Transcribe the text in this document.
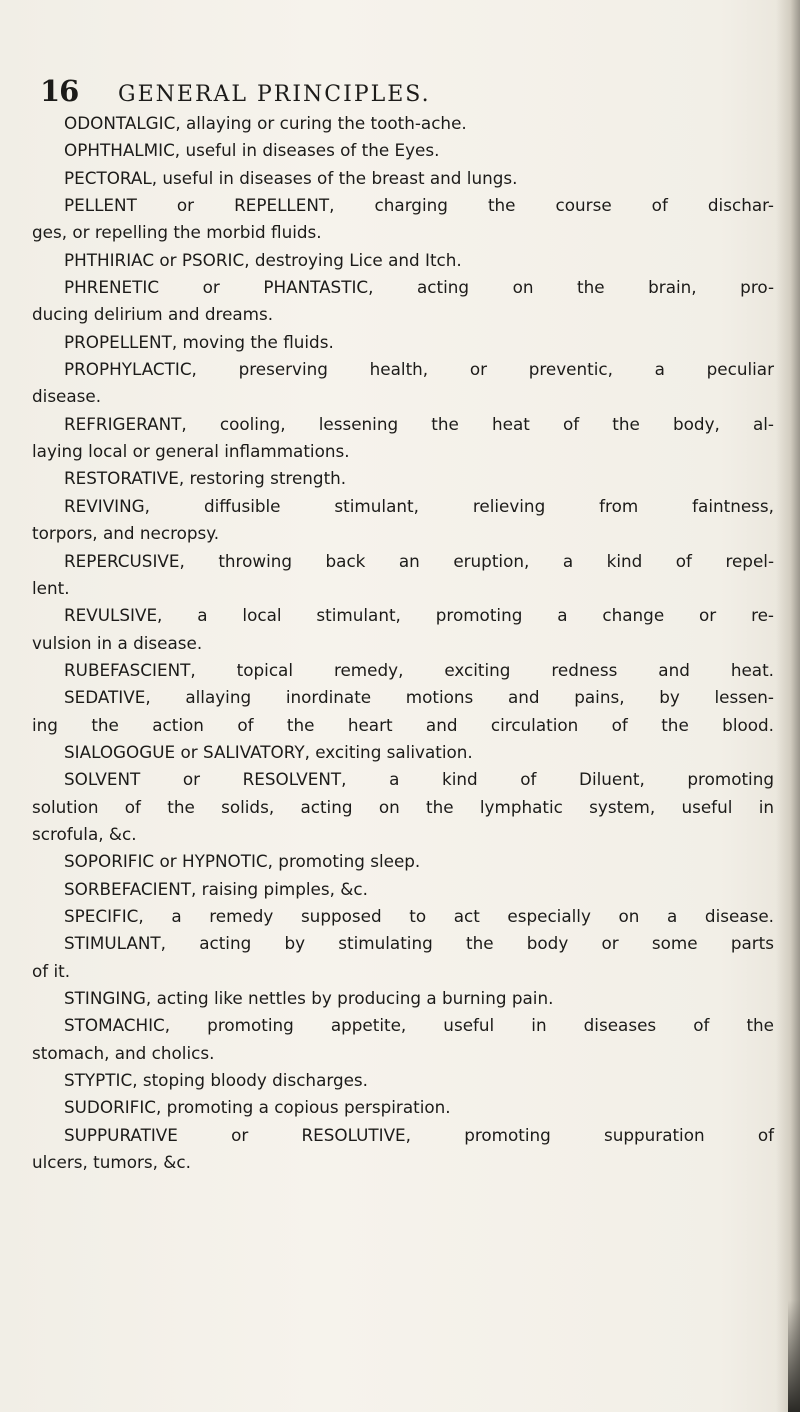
16	GENERAL PRINCIPLES.
ODONTALGIC, allaying or curing the tooth-ache.
OPHTHALMIC, useful in diseases of the Eyes.
PECTORAL, useful in diseases of the breast and lungs.
PELLENT or REPELLENT, charging the course of dischar-
ges, or repelling the morbid fluids.
PHTHIRIAC or PSORIC, destroying Lice and Itch.
PHRENETIC or PHANTASTIC, acting on the brain, pro-
ducing delirium and dreams.
PROPELLENT, moving the fluids.
PROPHYLACTIC, preserving health, or preventic, a peculiar
disease.
REFRIGERANT, cooling, lessening the heat of the body, al-
laying local or general inflammations.
RESTORATIVE, restoring strength.
REVIVING, diffusible stimulant, relieving from faintness,
torpors, and necropsy.
REPERCUSIVE, throwing back an eruption, a kind of repel-
lent.
REVULSIVE, a local stimulant, promoting a change or re-
vulsion in a disease.
RUBEFASCIENT, topical remedy, exciting redness and heat.
SEDATIVE, allaying inordinate motions and pains, by lessen-
ing the action of the heart and circulation of the blood.
SIALOGOGUE or SALIVATORY, exciting salivation.
SOLVENT or RESOLVENT, a kind of Diluent, promoting
solution of the solids, acting on the lymphatic system, useful in
scrofula, &c.
SOPORIFIC or HYPNOTIC, promoting sleep.
SORBEFACIENT, raising pimples, &c.
SPECIFIC, a remedy supposed to act especially on a disease.
STIMULANT, acting by stimulating the body or some parts
of it.
STINGING, acting like nettles by producing a burning pain.
STOMACHIC, promoting appetite, useful in diseases of the
stomach, and cholics.
STYPTIC, stoping bloody discharges.
SUDORIFIC, promoting a copious perspiration.
SUPPURATIVE or RESOLUTIVE, promoting suppuration of
ulcers, tumors, &c.
